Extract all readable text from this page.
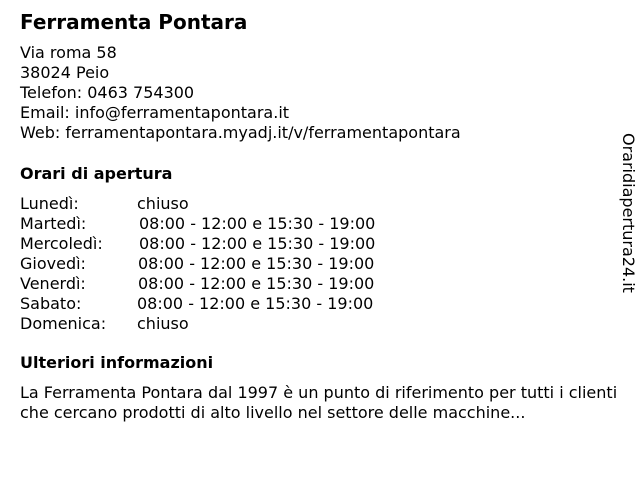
Ferramenta Pontara
Via roma 58
38024 Peio
Telefon: 0463 754300
Email: info@ferramentapontara.it
Web: ferramentapontara.myadj.it/v/ferramentapontara
Orari di apertura
Lunedì:	chiuso
Martedì:	08:00 - 12:00 e 15:30 - 19:00
Mercoledì: 08:00 - 12:00 e 15:30 - 19:00
Giovedì:	08:00 - 12:00 e 15:30 - 19:00
Venerdì:	08:00 - 12:00 e 15:30 - 19:00
Sabato:	08:00 - 12:00 e 15:30 - 19:00
Domenica: chiuso
Ulteriori informazioni
La Ferramenta Pontara dal 1997 è un punto di riferimento per tutti i clienti che cercano prodotti di alto livello nel settore delle macchine...
Oraridiapertura24.it
